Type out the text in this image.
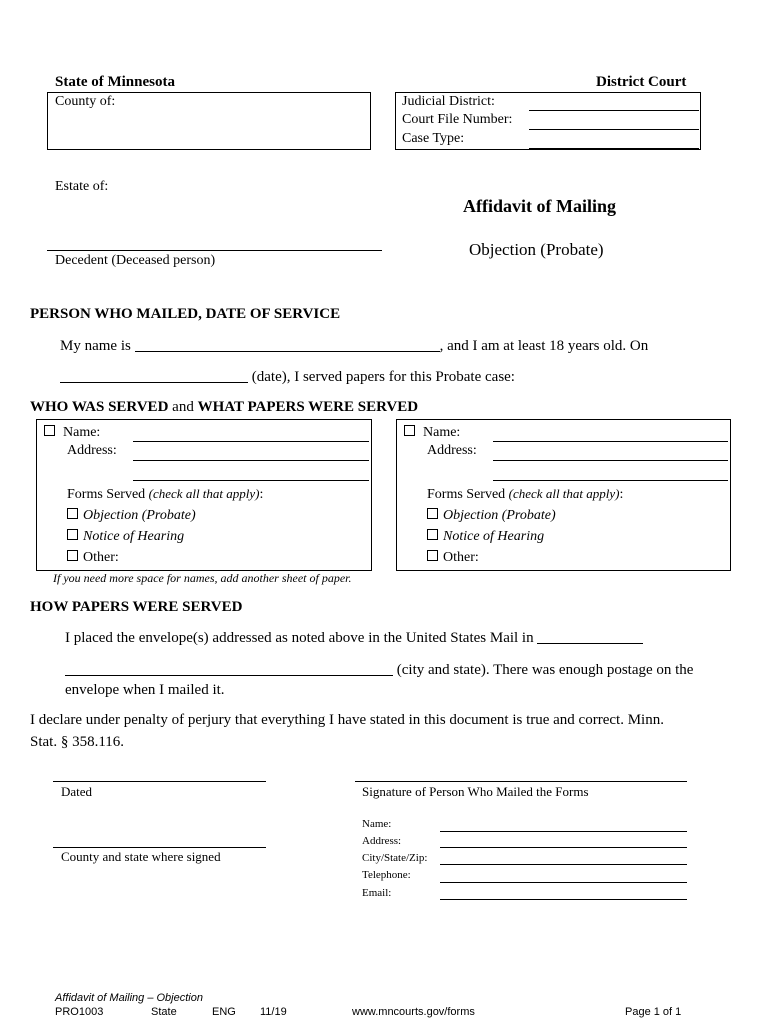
State of Minnesota	District Court
County of:	Judicial District:
Court File Number:
Case Type:
Estate of:
Decedent (Deceased person)
Affidavit of Mailing
Objection (Probate)
PERSON WHO MAILED, DATE OF SERVICE
My name is	, and I am at least 18 years old. On
(date), I served papers for this Probate case:
WHO WAS SERVED and WHAT PAPERS WERE SERVED
Name:
Address:
Forms Served (check all that apply):
Objection (Probate)
Notice of Hearing
Other:
Name:
Address:
Forms Served (check all that apply):
Objection (Probate)
Notice of Hearing
Other:
If you need more space for names, add another sheet of paper.
HOW PAPERS WERE SERVED
I placed the envelope(s) addressed as noted above in the United States Mail in
(city and state). There was enough postage on the
envelope when I mailed it.
I declare under penalty of perjury that everything I have stated in this document is true and correct. Minn.
Stat. § 358.116.
Dated
County and state where signed
Signature of Person Who Mailed the Forms
Name:
Address:
City/State/Zip:
Telephone:
Email:
Affidavit of Mailing – Objection
PRO1003	State	ENG 11/19	www.mncourts.gov/forms	Page 1 of 1
